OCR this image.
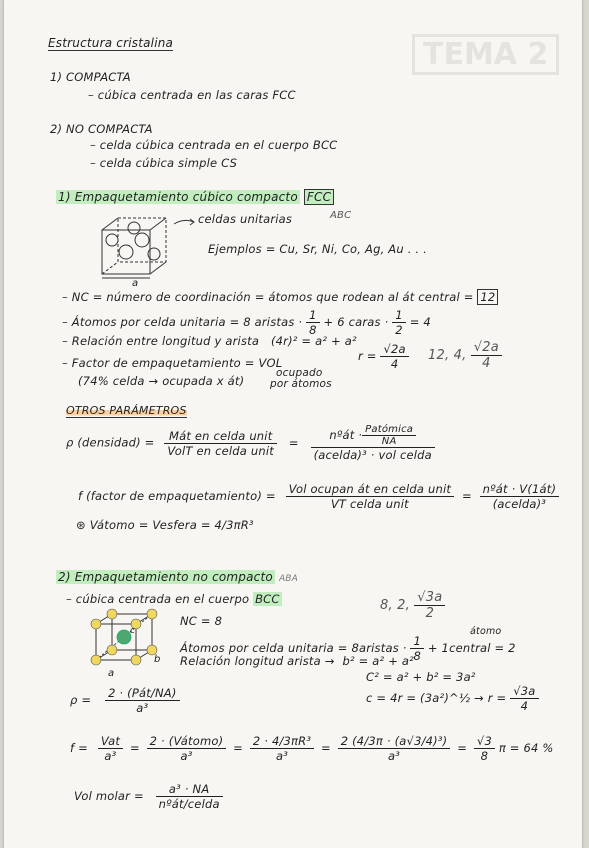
TEMA 2
Estructura cristalina
1) COMPACTA
– cúbica centrada en las caras FCC
2) NO COMPACTA
– celda cúbica centrada en el cuerpo BCC
– celda cúbica simple CS
1) Empaquetamiento cúbico compacto FCC
a
celdas unitarias	ABC
Ejemplos = Cu, Sr, Ni, Co, Ag, Au . . .
– NC = número de coordinación = átomos que rodean al át central = 12
– Átomos por celda unitaria = 8 aristas · $\frac{1}{8} + 6$ caras · $\frac{1}{2} = 4$
– Relación entre longitud y arista (4r)² = a² + a²
$r = \frac{√2a}{4} 12$, 4, $\frac{√2a}{4}$
– Factor de empaquetamiento = VOL
ocupado
(74% celda → ocupada x át) por átomos
OTROS PARÁMETROS
ρ (densidad) = $\frac{\text{Mát en celda unit}}{\text{VolT en celda unit}} = \frac{nºát \cdot \frac{\text{Patómica}}{NA}}{\text{(aceldа)³ · vol celda}}$
f (factor de empaquetamiento) = $\frac{\text{Vol ocupan át en celda unit}}{\text{VT celda unit}} = \frac{\text{nºát · V(1át)}}{\text{(acelda)³}}$
⊛ Vátomo = Vesfera = 4/3πR³
2) Empaquetamiento no compacto ABA
– cúbica centrada en el cuerpo BCC	8, 2, $\frac{√3a}{2}$
a
b
c
NC = 8
átomo
Átomos por celda unitaria = 8aristas · $\frac{1}{8}$ + 1central = 2
Relación longitud arista → b² = a² + a²
C² = a² + b² = 3a²
c = 4r = (3a²)^½ → $r = \frac{√3a}{4}$
$\rho = \frac{\text{2 · (Pát/NA)}}{\text{a³}}$
$f = \frac{\text{Vat}}{\text{a³}} = \frac{\text{2 · (Vátomo)}}{\text{a³}} = \frac{\text{2 · 4/3πR³}}{\text{a³}} = \frac{\text{2 (4/3π · (a√3/4)³)}}{\text{a³}} = \frac{√3}{8}$ π = 64 %
Vol molar = $\frac{\text{a³ · NA}}{\text{nºát/celda}}$
